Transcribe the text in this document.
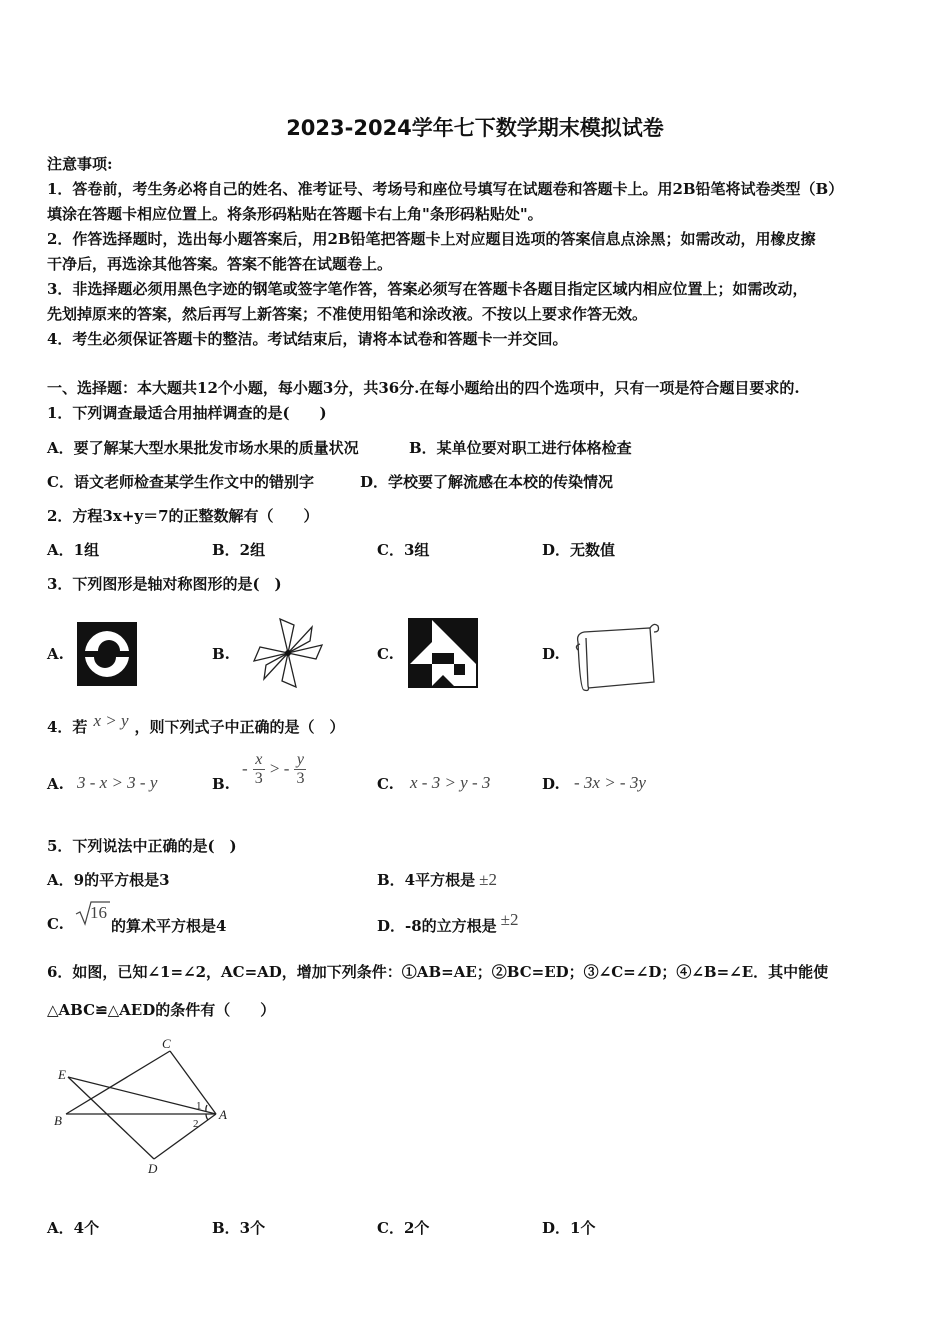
2023-2024学年七下数学期末模拟试卷
注意事项:
1．答卷前，考生务必将自己的姓名、准考证号、考场号和座位号填写在试题卷和答题卡上。用2B铅笔将试卷类型（B）
填涂在答题卡相应位置上。将条形码粘贴在答题卡右上角"条形码粘贴处"。
2．作答选择题时，选出每小题答案后，用2B铅笔把答题卡上对应题目选项的答案信息点涂黑；如需改动，用橡皮擦
干净后，再选涂其他答案。答案不能答在试题卷上。
3．非选择题必须用黑色字迹的钢笔或签字笔作答，答案必须写在答题卡各题目指定区域内相应位置上；如需改动，
先划掉原来的答案，然后再写上新答案；不准使用铅笔和涂改液。不按以上要求作答无效。
4．考生必须保证答题卡的整洁。考试结束后，请将本试卷和答题卡一并交回。
一、选择题：本大题共12个小题，每小题3分，共36分.在每小题给出的四个选项中，只有一项是符合题目要求的.
1．下列调查最适合用抽样调查的是(　　)
A．要了解某大型水果批发市场水果的质量状况	B．某单位要对职工进行体格检查
C．语文老师检查某学生作文中的错别字	D．学校要了解流感在本校的传染情况
2．方程3x+y＝7的正整数解有（　　）
A．1组	B．2组	C．3组	D．无数值
3．下列图形是轴对称图形的是(　)
A.	B.	C.	D.
4．若 x > y ，则下列式子中正确的是（　）
A. 3 - x > 3 - y	B.
- $\frac{x}{3}$ > - $\frac{y}{3}$	C. x - 3 > y - 3	D. - 3x > - 3y
5．下列说法中正确的是(　)
A．9的平方根是3	B．4平方根是 ±2
C.
16
的算术平方根是4	D．-8的立方根是 ±2
6．如图，已知∠1=∠2，AC=AD，增加下列条件：①AB=AE；②BC=ED；③∠C=∠D；④∠B=∠E．其中能使
△ABC≌△AED的条件有（　　）
C
E
B	A
D
1
2
A．4个	B．3个	C．2个	D．1个
